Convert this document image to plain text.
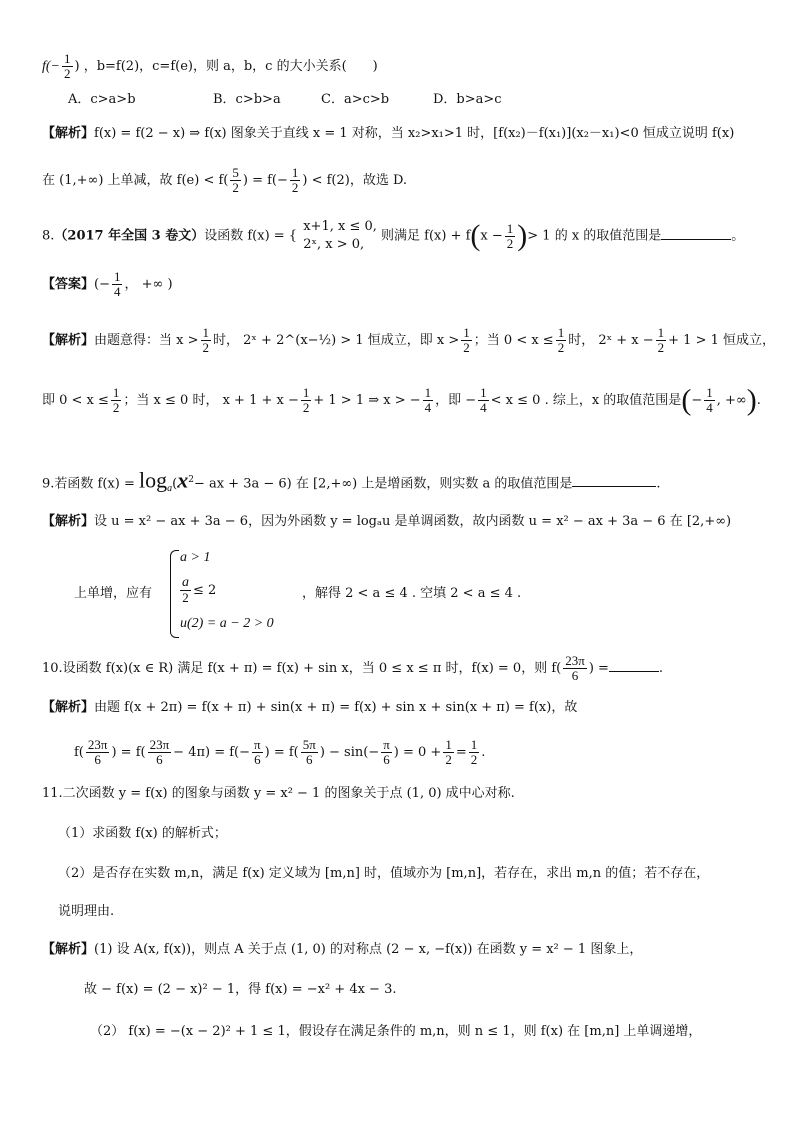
$f(- \frac{1}{2}$ ) ，b=f(2)，c=f(e)，则 a，b，c 的大小关系(　　)
A．c>a>b	B．c>b>a	C．a>c>b	D．b>a>c
【解析】f(x) = f(2 − x) ⇒ f(x) 图象关于直线 x = 1 对称，当 x₂>x₁>1 时，[f(x₂)－f(x₁)](x₂－x₁)<0 恒成立说明 f(x)
在 (1,+∞) 上单减，故 $f(e) < f( \frac{5}{2}$ ) = $f(- \frac{1}{2}$ ) < f(2)，故选 D.
8.（2017 年全国 3 卷文）设函数 f(x) = {
x+1, x ≤ 0,
2ˣ, x > 0,
则满足 $f(x) + f(x - \frac{1}{2}$ )> 1 的 x 的取值范围是	。
【答案】(− $\frac{1}{4}$ ， +∞ )
【解析】由题意得：当 $x > \frac{1}{2}$ 时， 2ˣ + 2^(x−½) > 1 恒成立，即 $x > \frac{1}{2}$ ；当 $0 < x \le \frac{1}{2}$ 时， 2ˣ + $x - \frac{1}{2} + 1 > 1$ 恒成立，
即 $0 < x \le \frac{1}{2}$ ；当 x ≤ 0 时， $x + 1 + x - \frac{1}{2} + 1 > 1$ ⇒ x > − $\frac{1}{4}$ ，即 − $\frac{1}{4} < x \le 0$ . 综上，x 的取值范围是(− $\frac{1}{4}$ , +∞).
9.若函数 $f(x) = \log_a(x^2-$ ax + 3a − 6) 在 [2,+∞) 上是增函数，则实数 a 的取值范围是	.
【解析】设 u = x² − ax + 3a − 6，因为外函数 y = logₐu 是单调函数，故内函数 u = x² − ax + 3a − 6 在 [2,+∞)
上单增，应有
a > 1
$\frac{a}{2} \le 2$
u(2) = a − 2 > 0
，解得 2 < a ≤ 4 . 空填 2 < a ≤ 4 .
10.设函数 f(x)(x ∈ R) 满足 f(x + π) = f(x) + sin x，当 0 ≤ x ≤ π 时，f(x) = 0，则 $f( \frac{23\pi}{6}$ ) =	.
【解析】由题 f(x + 2π) = f(x + π) + sin(x + π) = f(x) + sin x + sin(x + π) = f(x)，故
$f( \frac{23\pi}{6}$ ) = $f( \frac{23\pi}{6} - 4\pi) = f(- \frac{\pi}{6}$ ) = $f( \frac{5\pi}{6}$ ) − $\sin(- \frac{\pi}{6}$ ) = $0 + \frac{1}{2} = \frac{1}{2}$ .
11.二次函数 y = f(x) 的图象与函数 y = x² − 1 的图象关于点 (1, 0) 成中心对称.
（1）求函数 f(x) 的解析式；
（2）是否存在实数 m,n，满足 f(x) 定义域为 [m,n] 时，值域亦为 [m,n]，若存在，求出 m,n 的值；若不存在，
说明理由.
【解析】(1) 设 A(x, f(x))，则点 A 关于点 (1, 0) 的对称点 (2 − x, −f(x)) 在函数 y = x² − 1 图象上，
故 − f(x) = (2 − x)² − 1，得 f(x) = −x² + 4x − 3.
（2） f(x) = −(x − 2)² + 1 ≤ 1，假设存在满足条件的 m,n，则 n ≤ 1，则 f(x) 在 [m,n] 上单调递增，
